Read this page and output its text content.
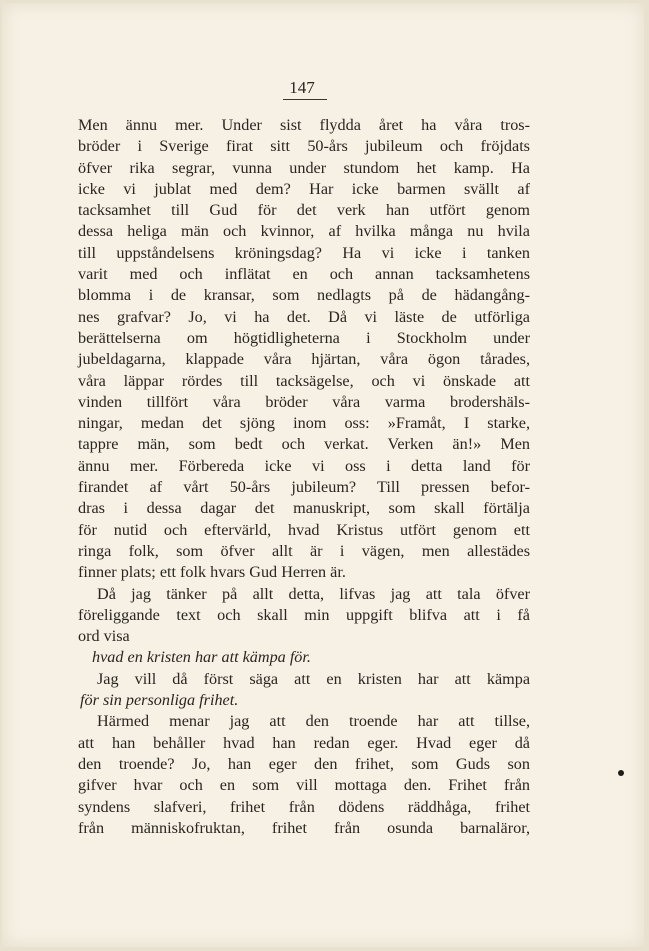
147
Men ännu mer. Under sist flydda året ha våra tros-
bröder i Sverige firat sitt 50-års jubileum och fröjdats
öfver rika segrar, vunna under stundom het kamp. Ha
icke vi jublat med dem? Har icke barmen svällt af
tacksamhet till Gud för det verk han utfört genom
dessa heliga män och kvinnor, af hvilka många nu hvila
till uppståndelsens kröningsdag? Ha vi icke i tanken
varit med och inflätat en och annan tacksamhetens
blomma i de kransar, som nedlagts på de hädangång-
nes grafvar? Jo, vi ha det. Då vi läste de utförliga
berättelserna om högtidligheterna i Stockholm under
jubeldagarna, klappade våra hjärtan, våra ögon tårades,
våra läppar rördes till tacksägelse, och vi önskade att
vinden tillfört våra bröder våra varma brodershäls-
ningar, medan det sjöng inom oss: »Framåt, I starke,
tappre män, som bedt och verkat. Verken än!» Men
ännu mer. Förbereda icke vi oss i detta land för
firandet af vårt 50-års jubileum? Till pressen befor-
dras i dessa dagar det manuskript, som skall förtälja
för nutid och eftervärld, hvad Kristus utfört genom ett
ringa folk, som öfver allt är i vägen, men allestädes
finner plats; ett folk hvars Gud Herren är.
Då jag tänker på allt detta, lifvas jag att tala öfver
föreliggande text och skall min uppgift blifva att i få
ord visa
hvad en kristen har att kämpa för.
Jag vill då först säga att en kristen har att kämpa
för sin personliga frihet.
Härmed menar jag att den troende har att tillse,
att han behåller hvad han redan eger. Hvad eger då
den troende? Jo, han eger den frihet, som Guds son
gifver hvar och en som vill mottaga den. Frihet från
syndens slafveri, frihet från dödens räddhåga, frihet
från människofruktan, frihet från osunda barnaläror,
